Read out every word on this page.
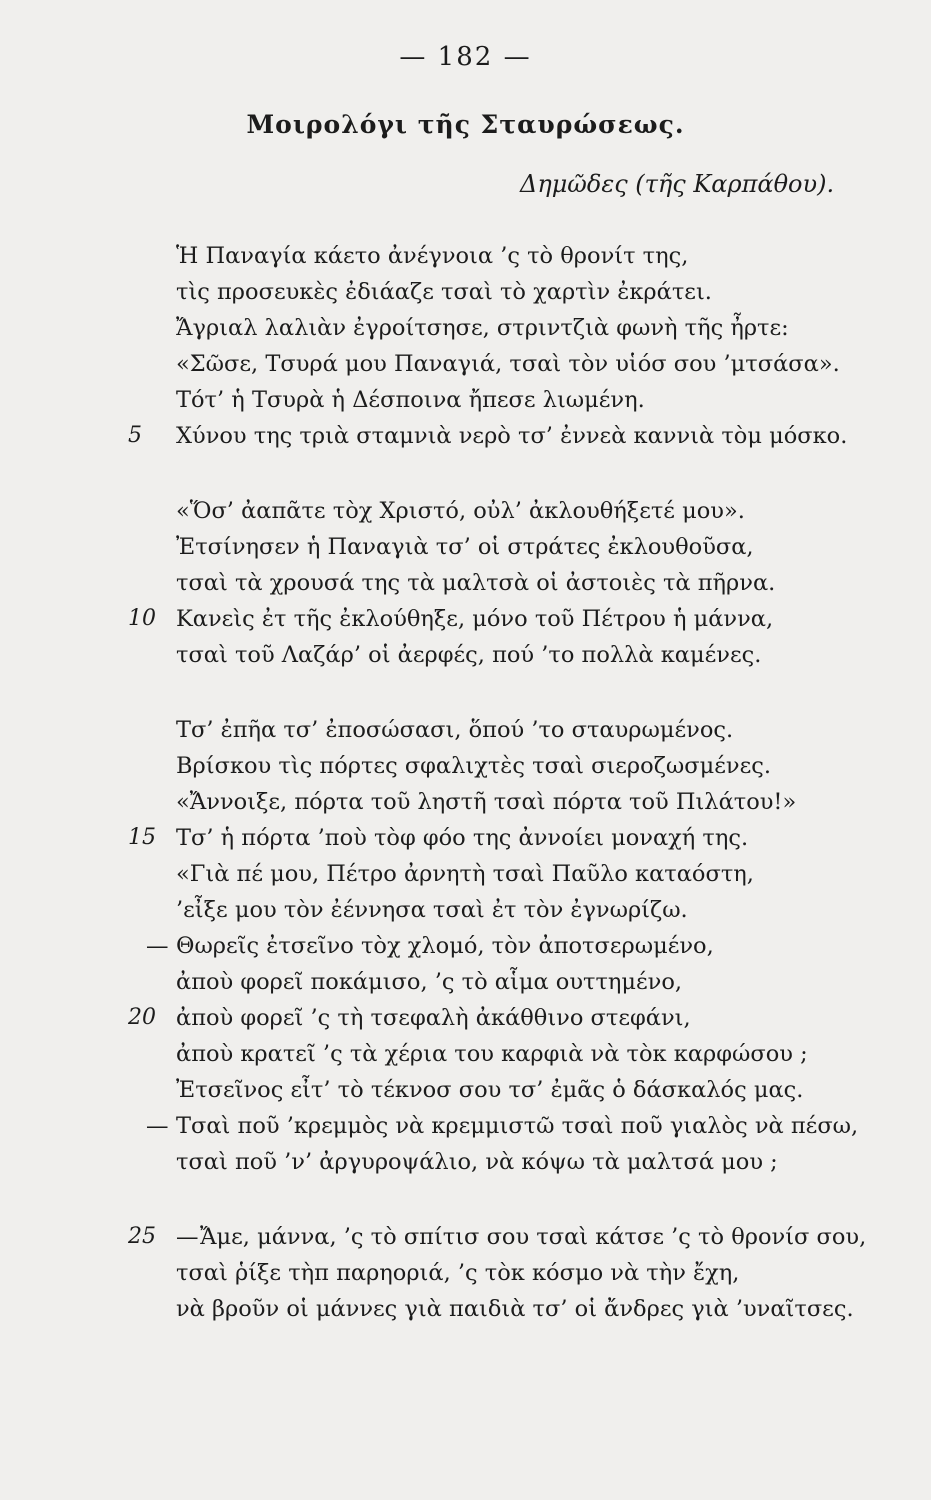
— 182 —
Μοιρολόγι τῆς Σταυρώσεως.
Δημῶδες (τῆς Καρπάθου).
Ἡ Παναγία κάετο ἀνέγνοια ’ς τὸ θρονίτ της,
τὶς προσευκὲς ἐδιάαζε τσαὶ τὸ χαρτὶν ἐκράτει.
Ἄγριαλ λαλιὰν ἐγροίτσησε, στριντζιὰ φωνὴ τῆς ἦρτε:
«Σῶσε, Τσυρά μου Παναγιά, τσαὶ τὸν υἱόσ σου ’μτσάσα».
Τότ’ ἡ Τσυρὰ ἡ Δέσποινα ἤπεσε λιωμένη.
5	Χύνου της τριὰ σταμνιὰ νερὸ τσ’ ἐννεὰ καννιὰ τὸμ μόσκο.
«Ὅσ’ ἀαπᾶτε τὸχ Χριστό, οὐλ’ ἀκλουθήξετέ μου».
Ἐτσίνησεν ἡ Παναγιὰ τσ’ οἱ στράτες ἐκλουθοῦσα,
τσαὶ τὰ χρουσά της τὰ μαλτσὰ οἱ ἀστοιὲς τὰ πῆρνα.
10 Κανεὶς ἐτ τῆς ἐκλούθηξε, μόνο τοῦ Πέτρου ἡ μάννα,
τσαὶ τοῦ Λαζάρ’ οἱ ἀερφές, πού ’το πολλὰ καμένες.
Τσ’ ἐπῆα τσ’ ἐποσώσασι, ὅπού ’το σταυρωμένος.
Βρίσκου τὶς πόρτες σφαλιχτὲς τσαὶ σιεροζωσμένες.
«Ἄννοιξε, πόρτα τοῦ ληστῆ τσαὶ πόρτα τοῦ Πιλάτου!»
15 Τσ’ ἡ πόρτα ’ποὺ τὸφ φόο της ἀννοίει μοναχή της.
«Γιὰ πέ μου, Πέτρο ἀρνητὴ τσαὶ Παῦλο καταόστη,
’εἶξε μου τὸν ἐέννησα τσαὶ ἐτ τὸν ἐγνωρίζω.
— Θωρεῖς ἐτσεῖνο τὸχ χλομό, τὸν ἀποτσερωμένο,
ἀποὺ φορεῖ ποκάμισο, ’ς τὸ αἷμα ουττημένο,
20 ἀποὺ φορεῖ ’ς τὴ τσεφαλὴ ἀκάθθινο στεφάνι,
ἀποὺ κρατεῖ ’ς τὰ χέρια του καρφιὰ νὰ τὸκ καρφώσου ;
Ἐτσεῖνος εἶτ’ τὸ τέκνοσ σου τσ’ ἐμᾶς ὁ δάσκαλός μας.
— Τσαὶ ποῦ ’κρεμμὸς νὰ κρεμμιστῶ τσαὶ ποῦ γιαλὸς νὰ πέσω,
τσαὶ ποῦ ’ν’ ἀργυροψάλιο, νὰ κόψω τὰ μαλτσά μου ;
25 — Ἄμε, μάννα, ’ς τὸ σπίτισ σου τσαὶ κάτσε ’ς τὸ θρονίσ σου,
τσαὶ ῥίξε τὴπ παρηοριά, ’ς τὸκ κόσμο νὰ τὴν ἔχη,
νὰ βροῦν οἱ μάννες γιὰ παιδιὰ τσ’ οἱ ἄνδρες γιὰ ’υναῖτσες.
